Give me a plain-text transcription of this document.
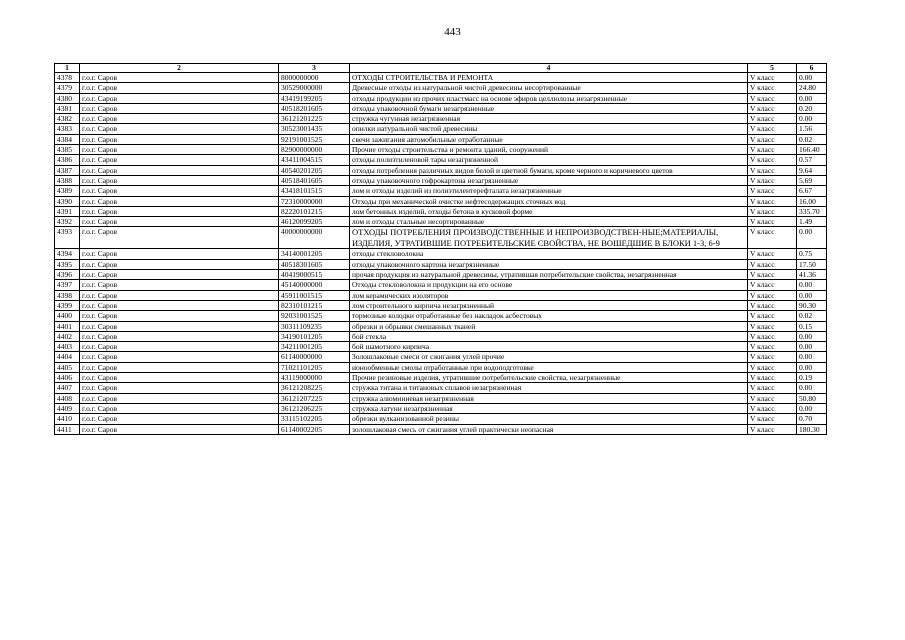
443
1	2	3	4	5	6
4378	г.о.г. Саров	8000000000	ОТХОДЫ СТРОИТЕЛЬСТВА И РЕМОНТА	V класс	0.00
4379	г.о.г. Саров	30529000000	Древесные отходы из натуральной чистой древесины несортированные	V класс	24.80
4380	г.о.г. Саров	43419199205	отходы продукции из прочих пластмасс на основе эфиров целлюлозы незагрязненные	V класс	0.00
4381	г.о.г. Саров	40518201605	отходы упаковочной бумаги незагрязненные	V класс	0.20
4382	г.о.г. Саров	36121201225	стружка чугунная незагрязненная	V класс	0.00
4383	г.о.г. Саров	30523001435	опилки натуральной чистой древесины	V класс	1.56
4384	г.о.г. Саров	92191001525	свечи зажигания автомобильные отработанные	V класс	0.02
4385	г.о.г. Саров	82900000000	Прочие отходы строительства и ремонта зданий, сооружений	V класс	166.40
4386	г.о.г. Саров	43411004515	отходы полиэтиленовой тары незагрязненной	V класс	0.57
4387	г.о.г. Саров	40540201205	отходы потребления различных видов белой и цветной бумаги, кроме черного и коричневого цветов	V класс	9.64
4388	г.о.г. Саров	40518401605	отходы упаковочного гофрокартона незагрязненные	V класс	5.69
4389	г.о.г. Саров	43418101515	лом и отходы изделий из полиэтилентерефталата незагрязненные	V класс	6.67
4390	г.о.г. Саров	72310000000	Отходы при механической очистке нефтесодержащих сточных вод	V класс	16.00
4391	г.о.г. Саров	82220101215	лом бетонных изделий, отходы бетона в кусковой форме	V класс	335.70
4392	г.о.г. Саров	46120099205	лом и отходы стальные несортированные	V класс	1.49
4393	г.о.г. Саров	40000000000	ОТХОДЫ ПОТРЕБЛЕНИЯ ПРОИЗВОДСТВЕННЫЕ И НЕПРОИЗВОДСТВЕН-НЫЕ;МАТЕРИАЛЫ, ИЗДЕЛИЯ, УТРАТИВШИЕ ПОТРЕБИТЕЛЬСКИЕ СВОЙСТВА, НЕ ВОШЕДШИЕ В БЛОКИ 1-3, 6-9	V класс	0.00
4394	г.о.г. Саров	34140001205	отходы стекловолокна	V класс	0.75
4395	г.о.г. Саров	40518301605	отходы упаковочного картона незагрязненные	V класс	17.50
4396	г.о.г. Саров	40419000515	прочая продукция из натуральной древесины, утратившая потребительские свойства, незагрязненная	V класс	41.36
4397	г.о.г. Саров	45140000000	Отходы стекловолокна и продукции на его основе	V класс	0.00
4398	г.о.г. Саров	45911001515	лом керамических изоляторов	V класс	0.00
4399	г.о.г. Саров	82310101215	лом строительного кирпича незагрязненный	V класс	90.30
4400	г.о.г. Саров	92031001525	тормозные колодки отработанные без накладок асбестовых	V класс	0.02
4401	г.о.г. Саров	30311109235	обрезки и обрывки смешанных тканей	V класс	0.15
4402	г.о.г. Саров	34190101205	бой стекла	V класс	0.00
4403	г.о.г. Саров	34211001205	бой шамотного кирпича	V класс	0.00
4404	г.о.г. Саров	61140000000	Золошлаковые смеси от сжигания углей прочие	V класс	0.00
4405	г.о.г. Саров	71021101205	ионообменные смолы отработанные при водоподготовке	V класс	0.00
4406	г.о.г. Саров	43119000000	Прочие резиновые изделия, утратившие потребительские свойства, незагрязненные	V класс	0.19
4407	г.о.г. Саров	36121208225	стружка титана и титановых сплавов незагрязненная	V класс	0.00
4408	г.о.г. Саров	36121207225	стружка алюминиевая незагрязненная	V класс	50.80
4409	г.о.г. Саров	36121206225	стружка латуни незагрязненная	V класс	0.00
4410	г.о.г. Саров	33115102205	обрезки вулканизованной резины	V класс	0.70
4411	г.о.г. Саров	61140002205	золошлаковая смесь от сжигания углей практически неопасная	V класс	180.30
